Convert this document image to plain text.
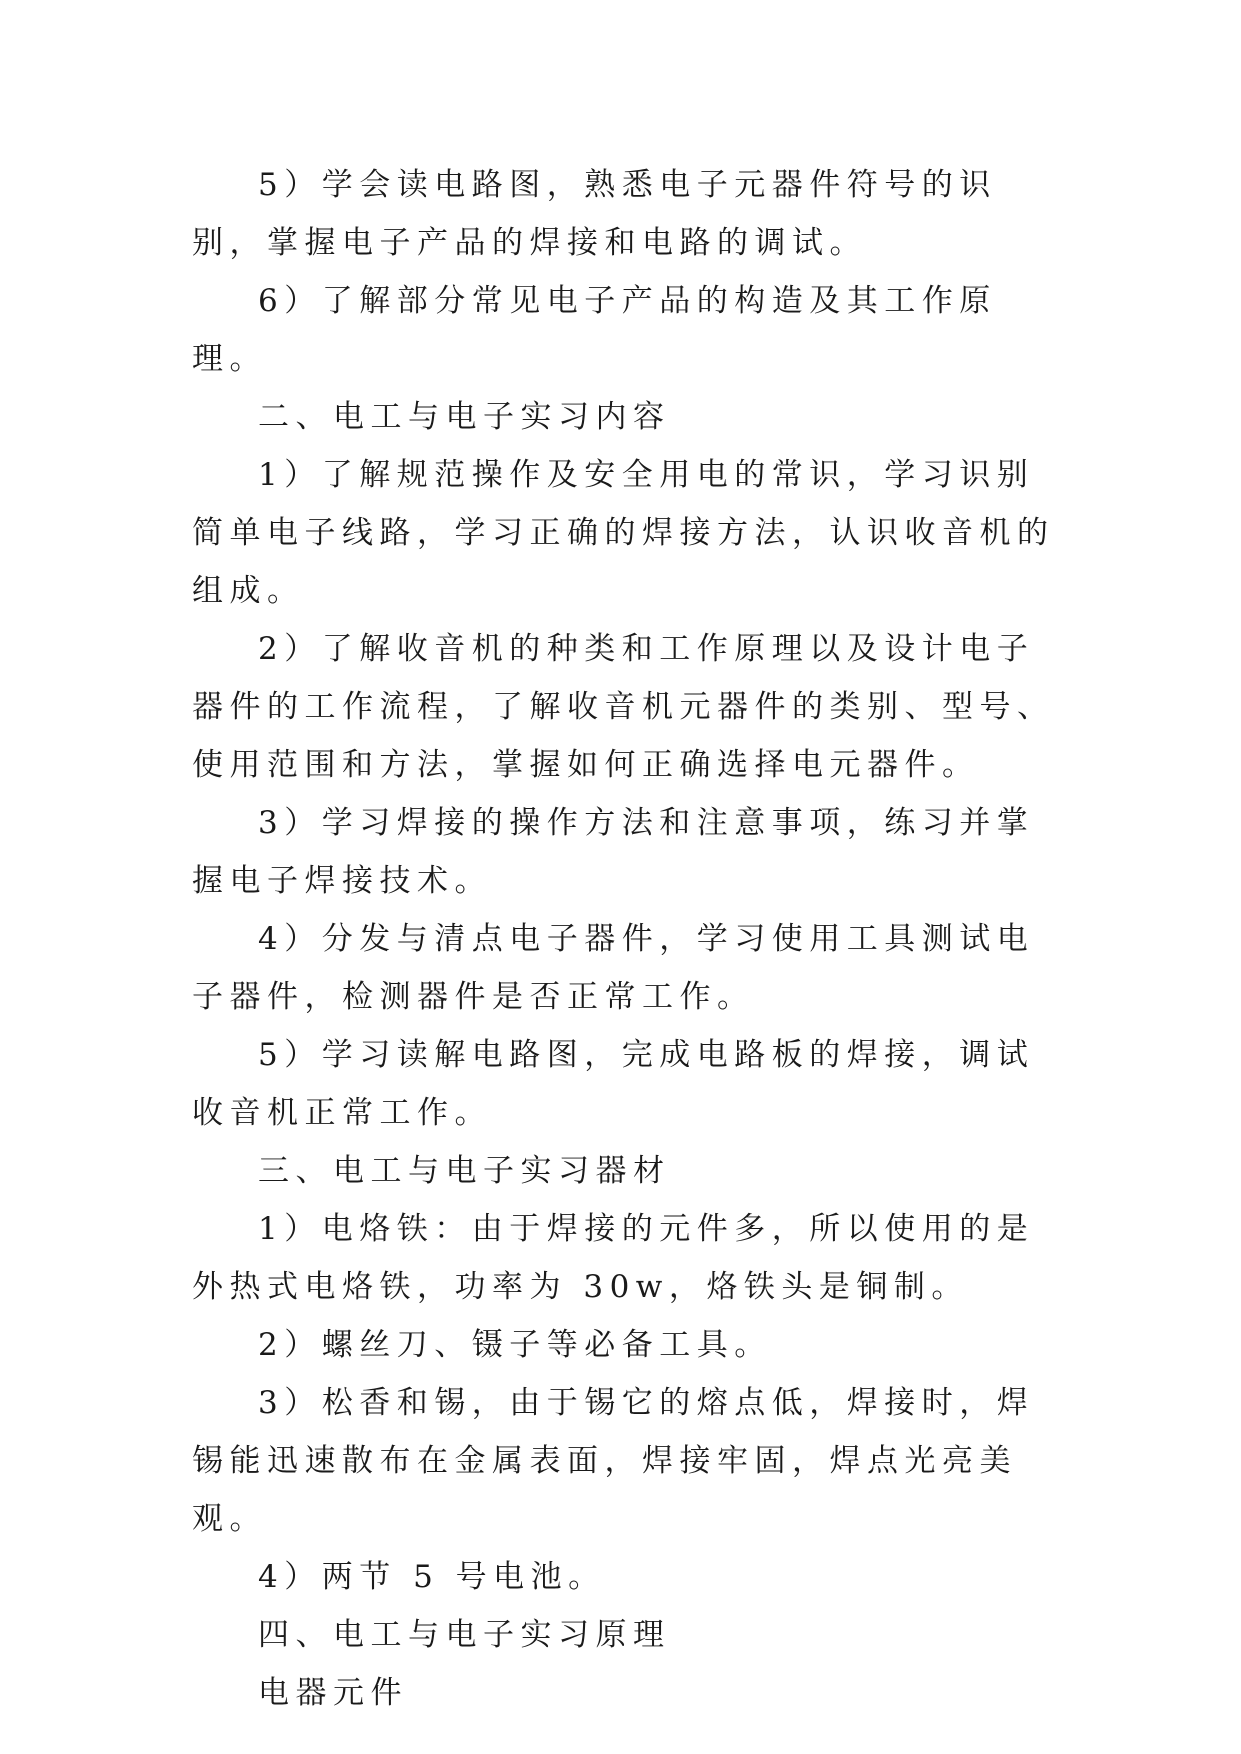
5）学会读电路图，熟悉电子元器件符号的识别，掌握电子产品的焊接和电路的调试。

6）了解部分常见电子产品的构造及其工作原理。

二、电工与电子实习内容

1）了解规范操作及安全用电的常识，学习识别简单电子线路，学习正确的焊接方法，认识收音机的组成。

2）了解收音机的种类和工作原理以及设计电子器件的工作流程，了解收音机元器件的类别、型号、使用范围和方法，掌握如何正确选择电元器件。

3）学习焊接的操作方法和注意事项，练习并掌握电子焊接技术。

4）分发与清点电子器件，学习使用工具测试电子器件，检测器件是否正常工作。

5）学习读解电路图，完成电路板的焊接，调试收音机正常工作。

三、电工与电子实习器材

1）电烙铁：由于焊接的元件多，所以使用的是外热式电烙铁，功率为 30w，烙铁头是铜制。

2）螺丝刀、镊子等必备工具。

3）松香和锡，由于锡它的熔点低，焊接时，焊锡能迅速散布在金属表面，焊接牢固，焊点光亮美观。

4）两节 5 号电池。

四、电工与电子实习原理

电器元件
